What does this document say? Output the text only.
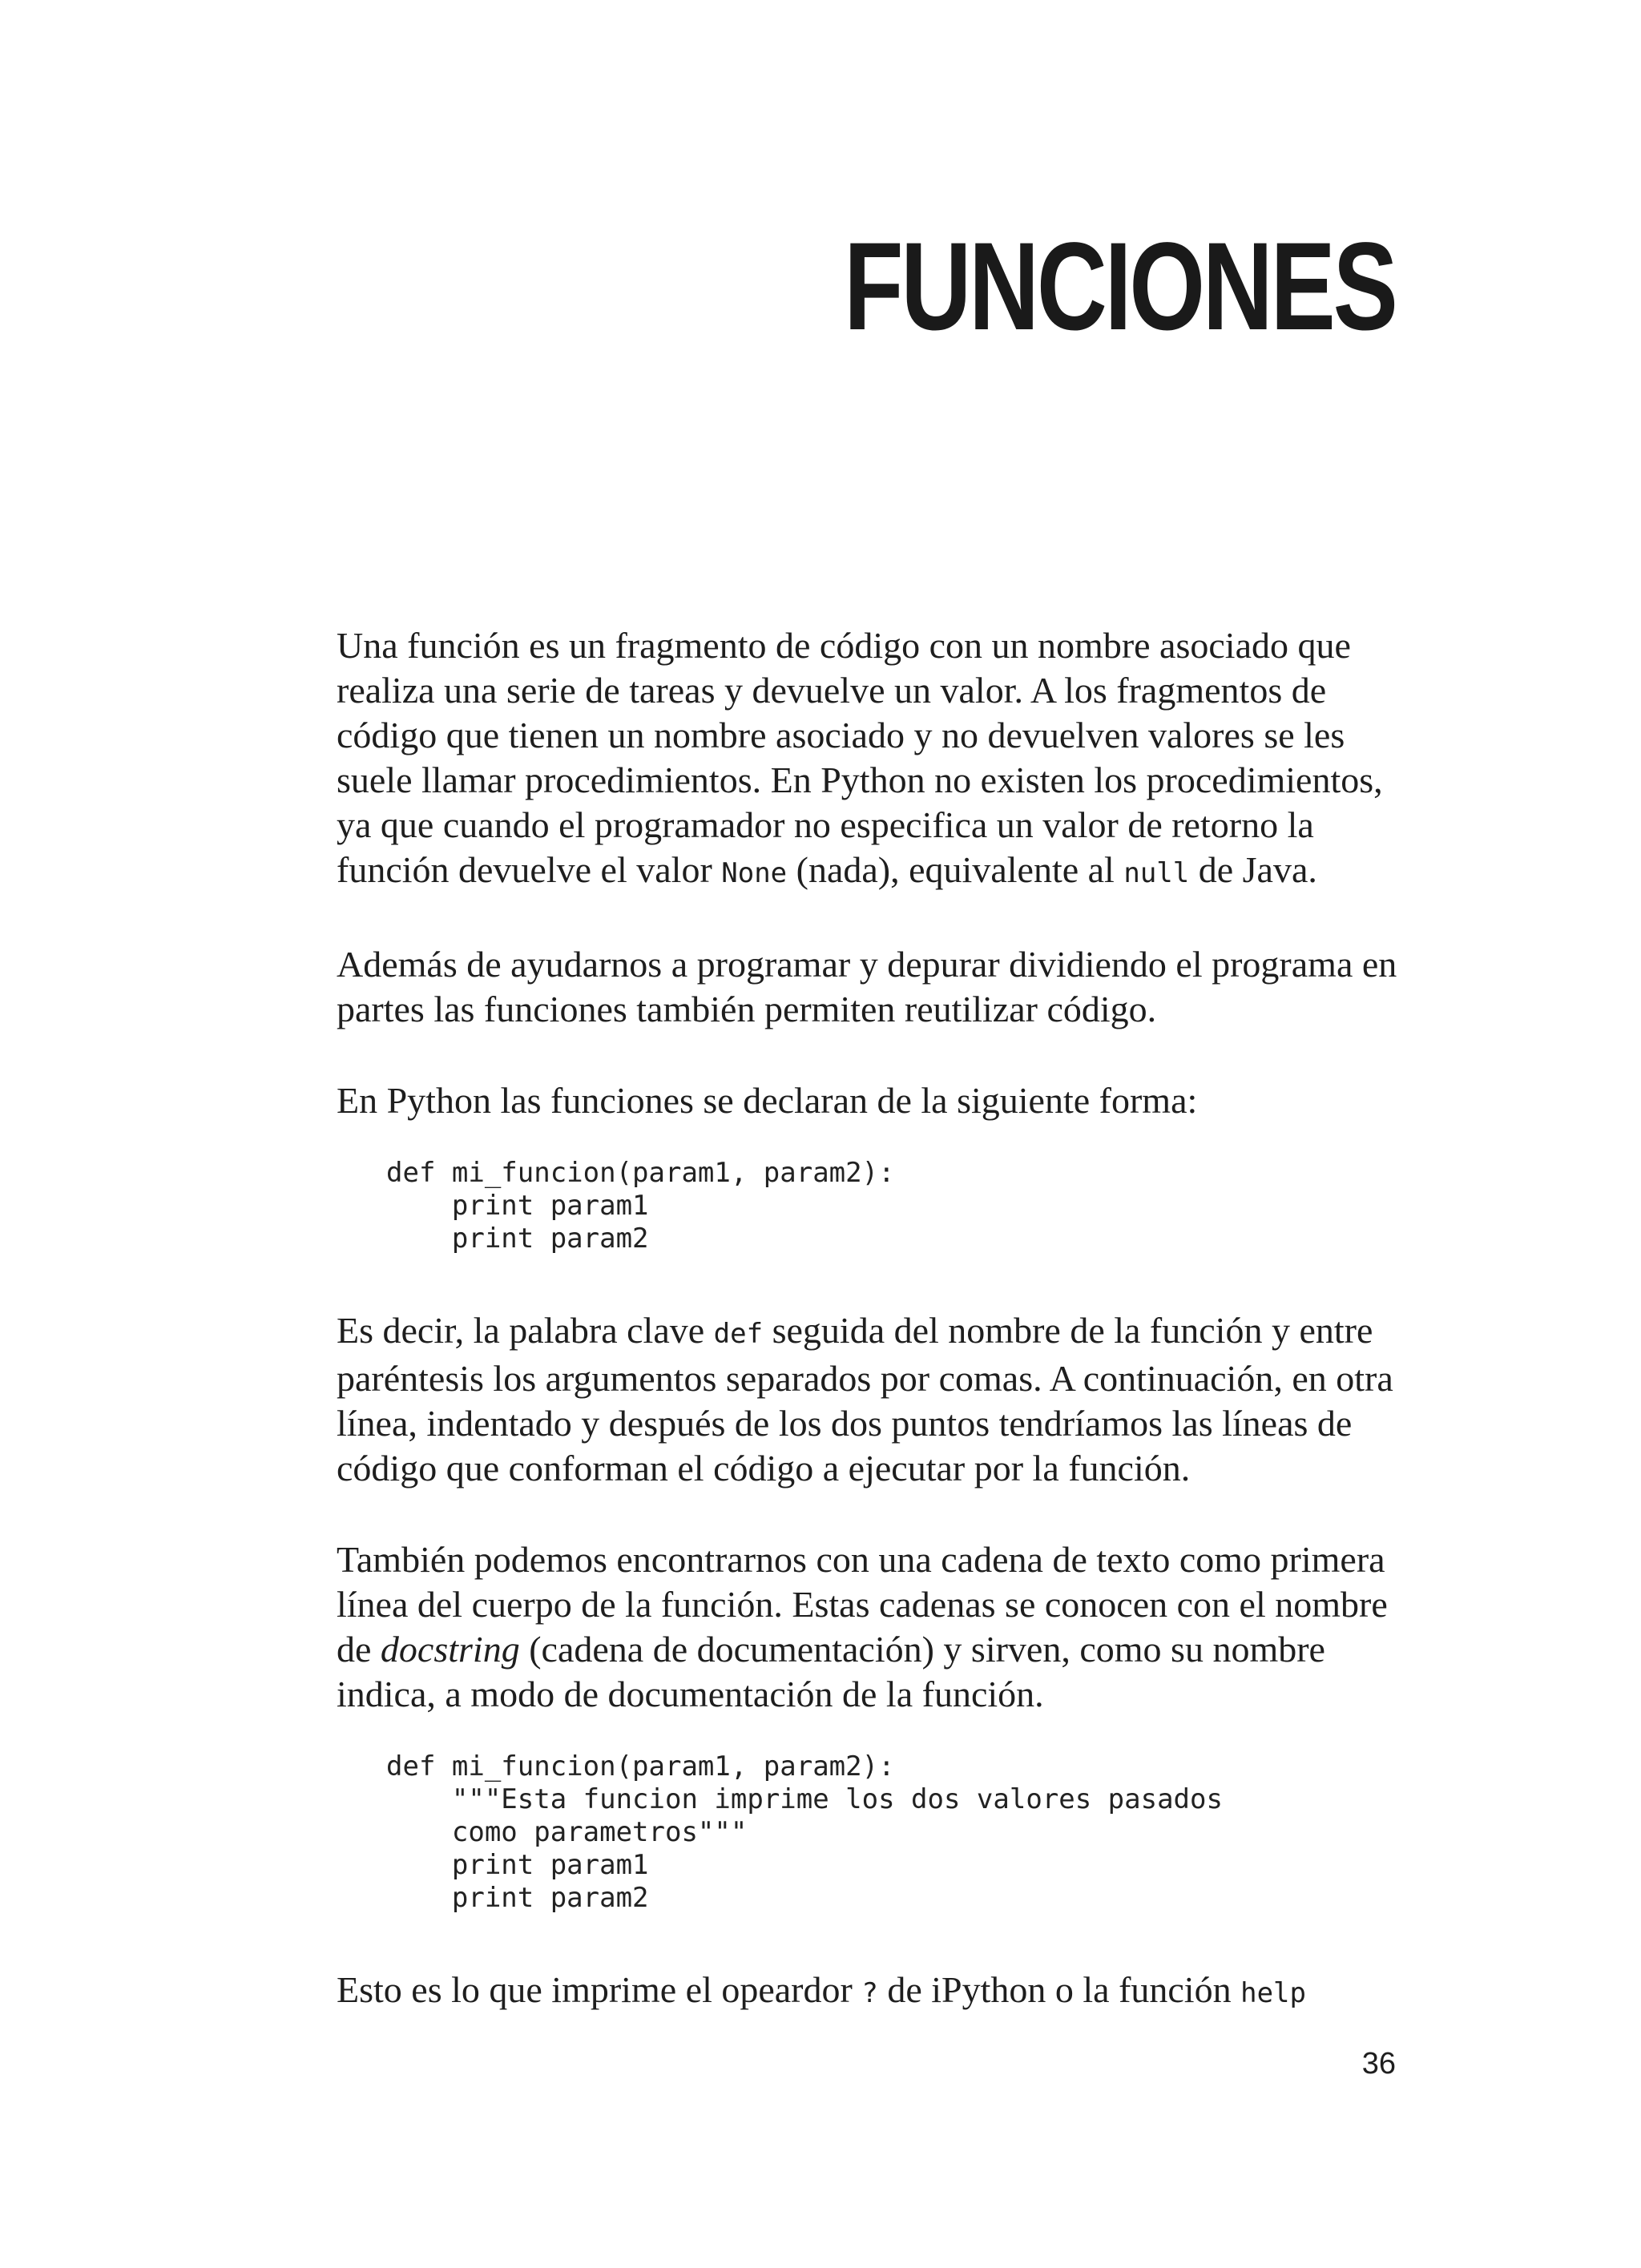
FUNCIONES

Una función es un fragmento de código con un nombre asociado que realiza una serie de tareas y devuelve un valor. A los fragmentos de código que tienen un nombre asociado y no devuelven valores se les suele llamar procedimientos. En Python no existen los procedimientos, ya que cuando el programador no especifica un valor de retorno la función devuelve el valor None (nada), equivalente al null de Java.

Además de ayudarnos a programar y depurar dividiendo el programa en partes las funciones también permiten reutilizar código.

En Python las funciones se declaran de la siguiente forma:

def mi_funcion(param1, param2):
print param1
print param2

Es decir, la palabra clave def seguida del nombre de la función y entre paréntesis los argumentos separados por comas. A continuación, en otra línea, indentado y después de los dos puntos tendríamos las líneas de código que conforman el código a ejecutar por la función.

También podemos encontrarnos con una cadena de texto como primera línea del cuerpo de la función. Estas cadenas se conocen con el nombre de docstring (cadena de documentación) y sirven, como su nombre indica, a modo de documentación de la función.

def mi_funcion(param1, param2):
"""Esta funcion imprime los dos valores pasados
como parametros"""
print param1
print param2

Esto es lo que imprime el opeardor ? de iPython o la función help

36
